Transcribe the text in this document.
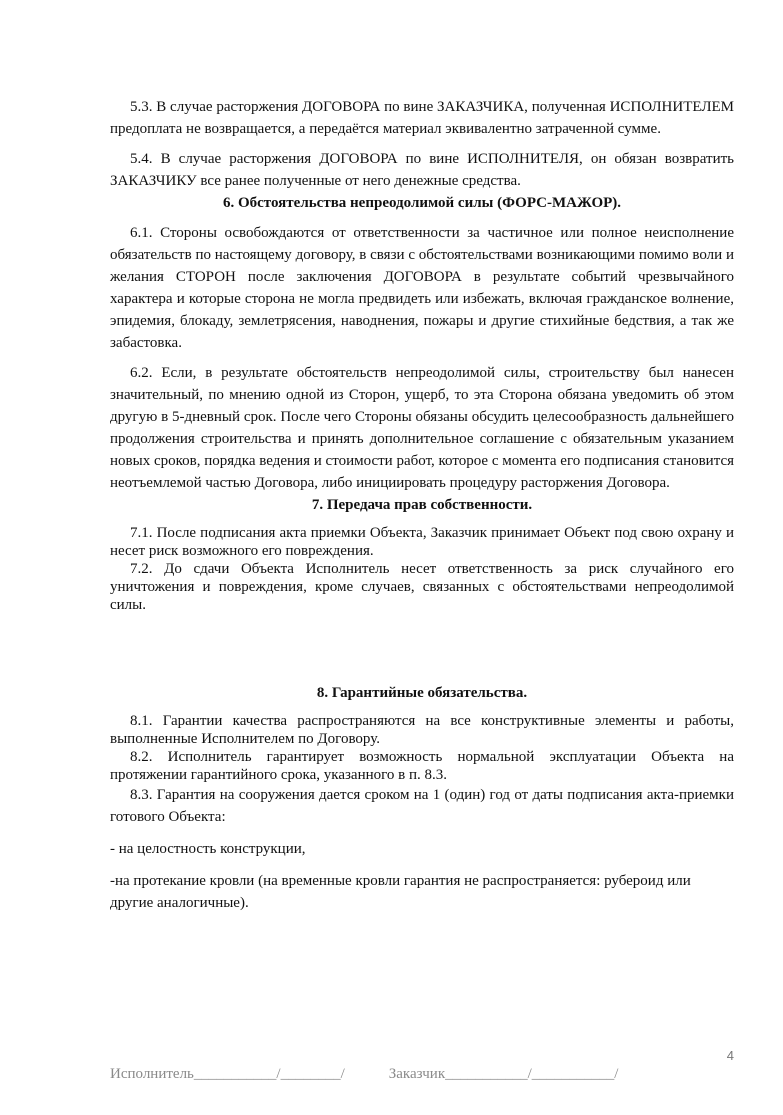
5.3. В случае расторжения ДОГОВОРА по вине ЗАКАЗЧИКА, полученная ИСПОЛНИТЕЛЕМ предоплата не возвращается, а передаётся материал эквивалентно затраченной сумме.

5.4. В случае расторжения ДОГОВОРА по вине ИСПОЛНИТЕЛЯ, он обязан возвратить ЗАКАЗЧИКУ все ранее полученные от него денежные средства.

6. Обстоятельства непреодолимой силы (ФОРС-МАЖОР).

6.1. Стороны освобождаются от ответственности за частичное или полное неисполнение обязательств по настоящему договору, в связи с обстоятельствами возникающими помимо воли и желания СТОРОН после заключения ДОГОВОРА в результате событий чрезвычайного характера и которые сторона не могла предвидеть или избежать, включая гражданское волнение, эпидемия, блокаду, землетрясения, наводнения, пожары и другие стихийные бедствия, а так же забастовка.

6.2. Если, в результате обстоятельств непреодолимой силы, строительству был нанесен значительный, по мнению одной из Сторон, ущерб, то эта Сторона обязана уведомить об этом другую в 5-дневный срок. После чего Стороны обязаны обсудить целесообразность дальнейшего продолжения строительства и принять дополнительное соглашение с обязательным указанием новых сроков, порядка ведения и стоимости работ, которое с момента его подписания становится неотъемлемой частью Договора, либо инициировать процедуру расторжения Договора.

7. Передача прав собственности.

7.1. После подписания акта приемки Объекта, Заказчик принимает Объект под свою охрану и несет риск возможного его повреждения.

7.2. До сдачи Объекта Исполнитель несет ответственность за риск случайного его уничтожения и повреждения, кроме случаев, связанных с обстоятельствами непреодолимой силы.

8. Гарантийные обязательства.

8.1. Гарантии качества распространяются на все конструктивные элементы и работы, выполненные Исполнителем по Договору.

8.2. Исполнитель гарантирует возможность нормальной эксплуатации Объекта на протяжении гарантийного срока, указанного в п. 8.3.

8.3. Гарантия на сооружения дается сроком на 1 (один) год от даты подписания акта-приемки готового Объекта:

- на целостность конструкции,

-на протекание кровли (на временные кровли гарантия не распространяется: рубероид или другие аналогичные).

4
Исполнитель___________/________/	Заказчик___________/___________/
